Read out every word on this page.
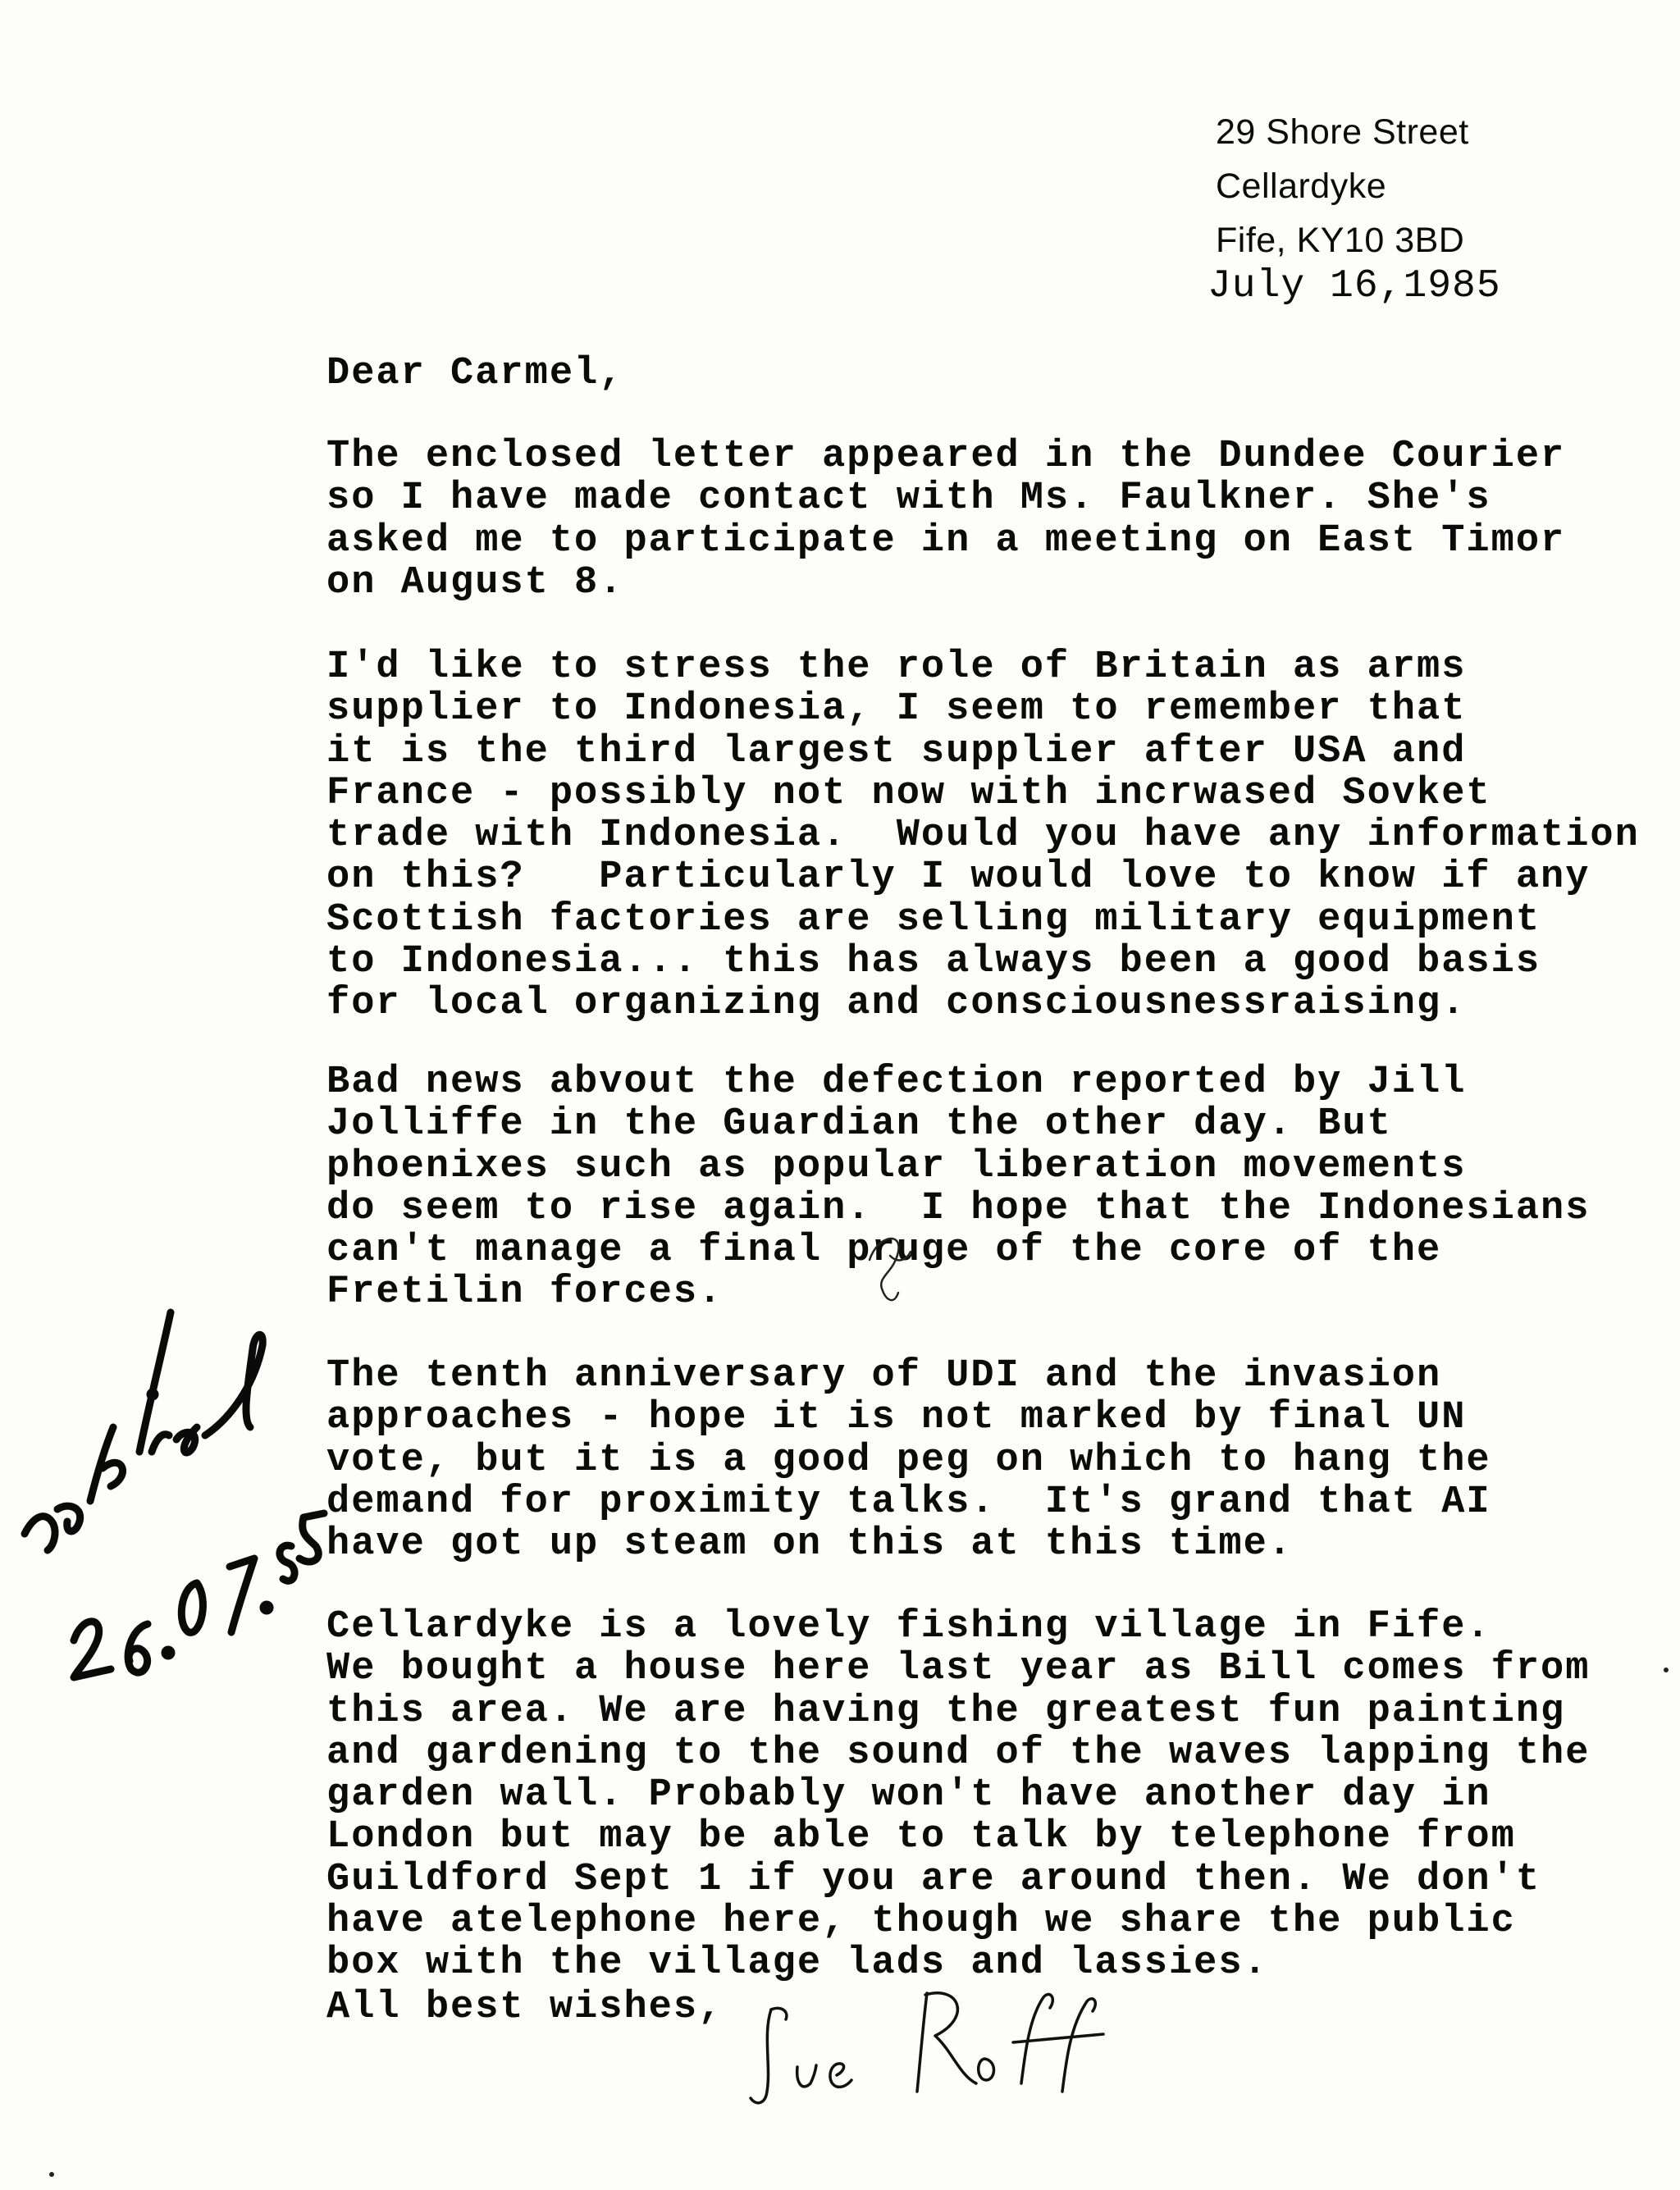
29 Shore Street
Cellardyke
Fife, KY10 3BD
July 16,1985
Dear Carmel,
The enclosed letter appeared in the Dundee Courier
so I have made contact with Ms. Faulkner. She's
asked me to participate in a meeting on East Timor
on August 8.
I'd like to stress the role of Britain as arms
supplier to Indonesia, I seem to remember that
it is the third largest supplier after USA and
France - possibly not now with incrwased Sovket
trade with Indonesia.  Would you have any information
on this?   Particularly I would love to know if any
Scottish factories are selling military equipment
to Indonesia... this has always been a good basis
for local organizing and consciousnessraising.
Bad news abvout the defection reported by Jill
Jolliffe in the Guardian the other day. But
phoenixes such as popular liberation movements
do seem to rise again.  I hope that the Indonesians
can't manage a final pruge of the core of the
Fretilin forces.
The tenth anniversary of UDI and the invasion
approaches - hope it is not marked by final UN
vote, but it is a good peg on which to hang the
demand for proximity talks.  It's grand that AI
have got up steam on this at this time.
Cellardyke is a lovely fishing village in Fife.
We bought a house here last year as Bill comes from
this area. We are having the greatest fun painting
and gardening to the sound of the waves lapping the
garden wall. Probably won't have another day in
London but may be able to talk by telephone from
Guildford Sept 1 if you are around then. We don't
have atelephone here, though we share the public
box with the village lads and lassies.
All best wishes,
